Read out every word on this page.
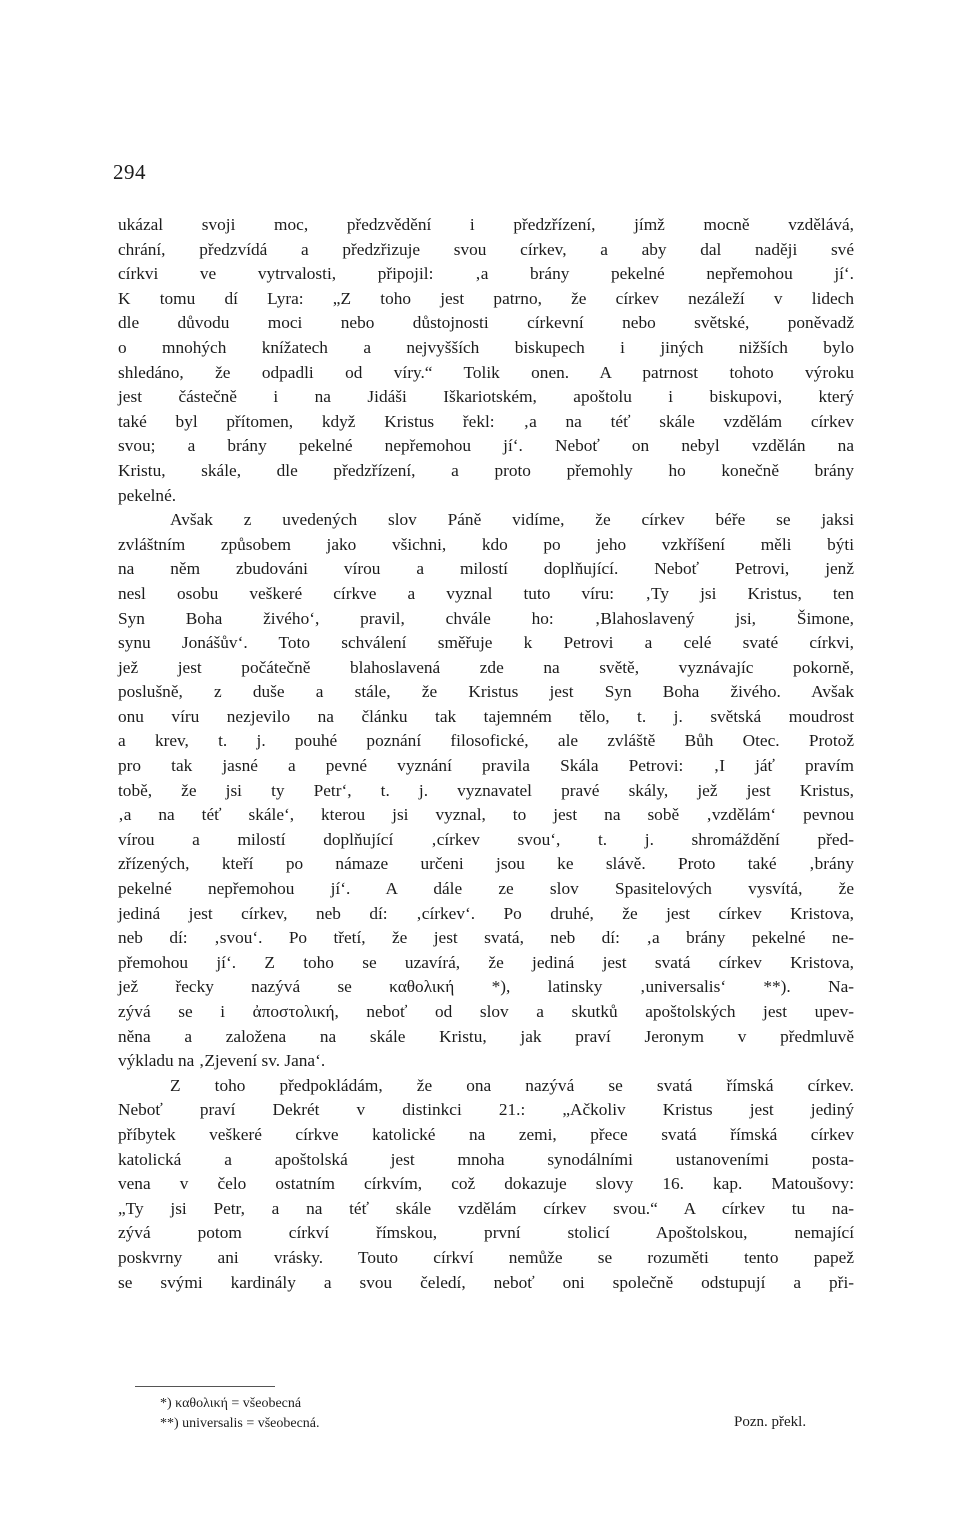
294
ukázal svoji moc, předzvědění i předzřízení, jímž mocně vzdělává,
chrání, předzvídá a předzřizuje svou církev, a aby dal naději své
církvi ve vytrvalosti, připojil: ‚a brány pekelné nepřemohou jí‘.
K tomu dí Lyra: „Z toho jest patrno, že církev nezáleží v lidech
dle důvodu moci nebo důstojnosti církevní nebo světské, poněvadž
o mnohých knížatech a nejvyšších biskupech i jiných nižších bylo
shledáno, že odpadli od víry.“ Tolik onen. A patrnost tohoto výroku
jest částečně i na Jidáši Iškariotském, apoštolu i biskupovi, který
také byl přítomen, když Kristus řekl: ‚a na téť skále vzdělám církev
svou; a brány pekelné nepřemohou jí‘. Neboť on nebyl vzdělán na
Kristu, skále, dle předzřízení, a proto přemohly ho konečně brány
pekelné.
Avšak z uvedených slov Páně vidíme, že církev béře se jaksi
zvláštním způsobem jako všichni, kdo po jeho vzkříšení měli býti
na něm zbudováni vírou a milostí doplňující. Neboť Petrovi, jenž
nesl osobu veškeré církve a vyznal tuto víru: ‚Ty jsi Kristus, ten
Syn Boha živého‘, pravil, chvále ho: ‚Blahoslavený jsi, Šimone,
synu Jonášův‘. Toto schválení směřuje k Petrovi a celé svaté církvi,
jež jest počátečně blahoslavená zde na světě, vyznávajíc pokorně,
poslušně, z duše a stále, že Kristus jest Syn Boha živého. Avšak
onu víru nezjevilo na článku tak tajemném tělo, t. j. světská moudrost
a krev, t. j. pouhé poznání filosofické, ale zvláště Bůh Otec. Protož
pro tak jasné a pevné vyznání pravila Skála Petrovi: ‚I jáť pravím
tobě, že jsi ty Petr‘, t. j. vyznavatel pravé skály, jež jest Kristus,
‚a na téť skále‘, kterou jsi vyznal, to jest na sobě ‚vzdělám‘ pevnou
vírou a milostí doplňující ‚církev svou‘, t. j. shromáždění před-
zřízených, kteří po námaze určeni jsou ke slávě. Proto také ‚brány
pekelné nepřemohou jí‘. A dále ze slov Spasitelových vysvítá, že
jediná jest církev, neb dí: ‚církev‘. Po druhé, že jest církev Kristova,
neb dí: ‚svou‘. Po třetí, že jest svatá, neb dí: ‚a brány pekelné ne-
přemohou jí‘. Z toho se uzavírá, že jediná jest svatá církev Kristova,
jež řecky nazývá se καθολική *), latinsky ‚universalis‘ **). Na-
zývá se i ἀποστολική, neboť od slov a skutků apoštolských jest upev-
něna a založena na skále Kristu, jak praví Jeronym v předmluvě
výkladu na ‚Zjevení sv. Jana‘.
Z toho předpokládám, že ona nazývá se svatá římská církev.
Neboť praví Dekrét v distinkci 21.: „Ačkoliv Kristus jest jediný
příbytek veškeré církve katolické na zemi, přece svatá římská církev
katolická a apoštolská jest mnoha synodálními ustanoveními posta-
vena v čelo ostatním církvím, což dokazuje slovy 16. kap. Matoušovy:
„Ty jsi Petr, a na téť skále vzdělám církev svou.“ A církev tu na-
zývá potom církví římskou, první stolicí Apoštolskou, nemající
poskvrny ani vrásky. Touto církví nemůže se rozuměti tento papež
se svými kardinály a svou čeledí, neboť oni společně odstupují a při-
*) καθολική = všeobecná
**) universalis = všeobecná.	Pozn. překl.
